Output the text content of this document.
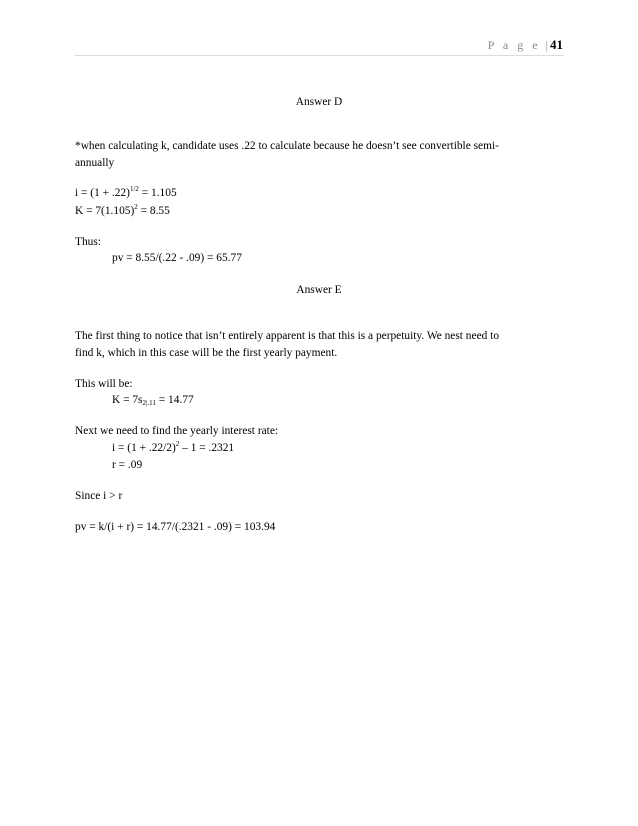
P a g e | 41
Answer D
*when calculating k, candidate uses .22 to calculate because he doesn’t see convertible semi-
annually
$i = (1 + .22)^{1/2} = 1.105$
$K = 7(1.105)^2 = 8.55$
Thus:
pv = 8.55/(.22 - .09) = 65.77
Answer E
The first thing to notice that isn’t entirely apparent is that this is a perpetuity. We nest need to
find k, which in this case will be the first yearly payment.
This will be:
$K = 7s_{2|.11} = 14.77$
Next we need to find the yearly interest rate:
$i = (1 + .22/2)^2 - 1 = .2321$
r = .09
Since i > r
pv = k/(i + r) = 14.77/(.2321 - .09) = 103.94
